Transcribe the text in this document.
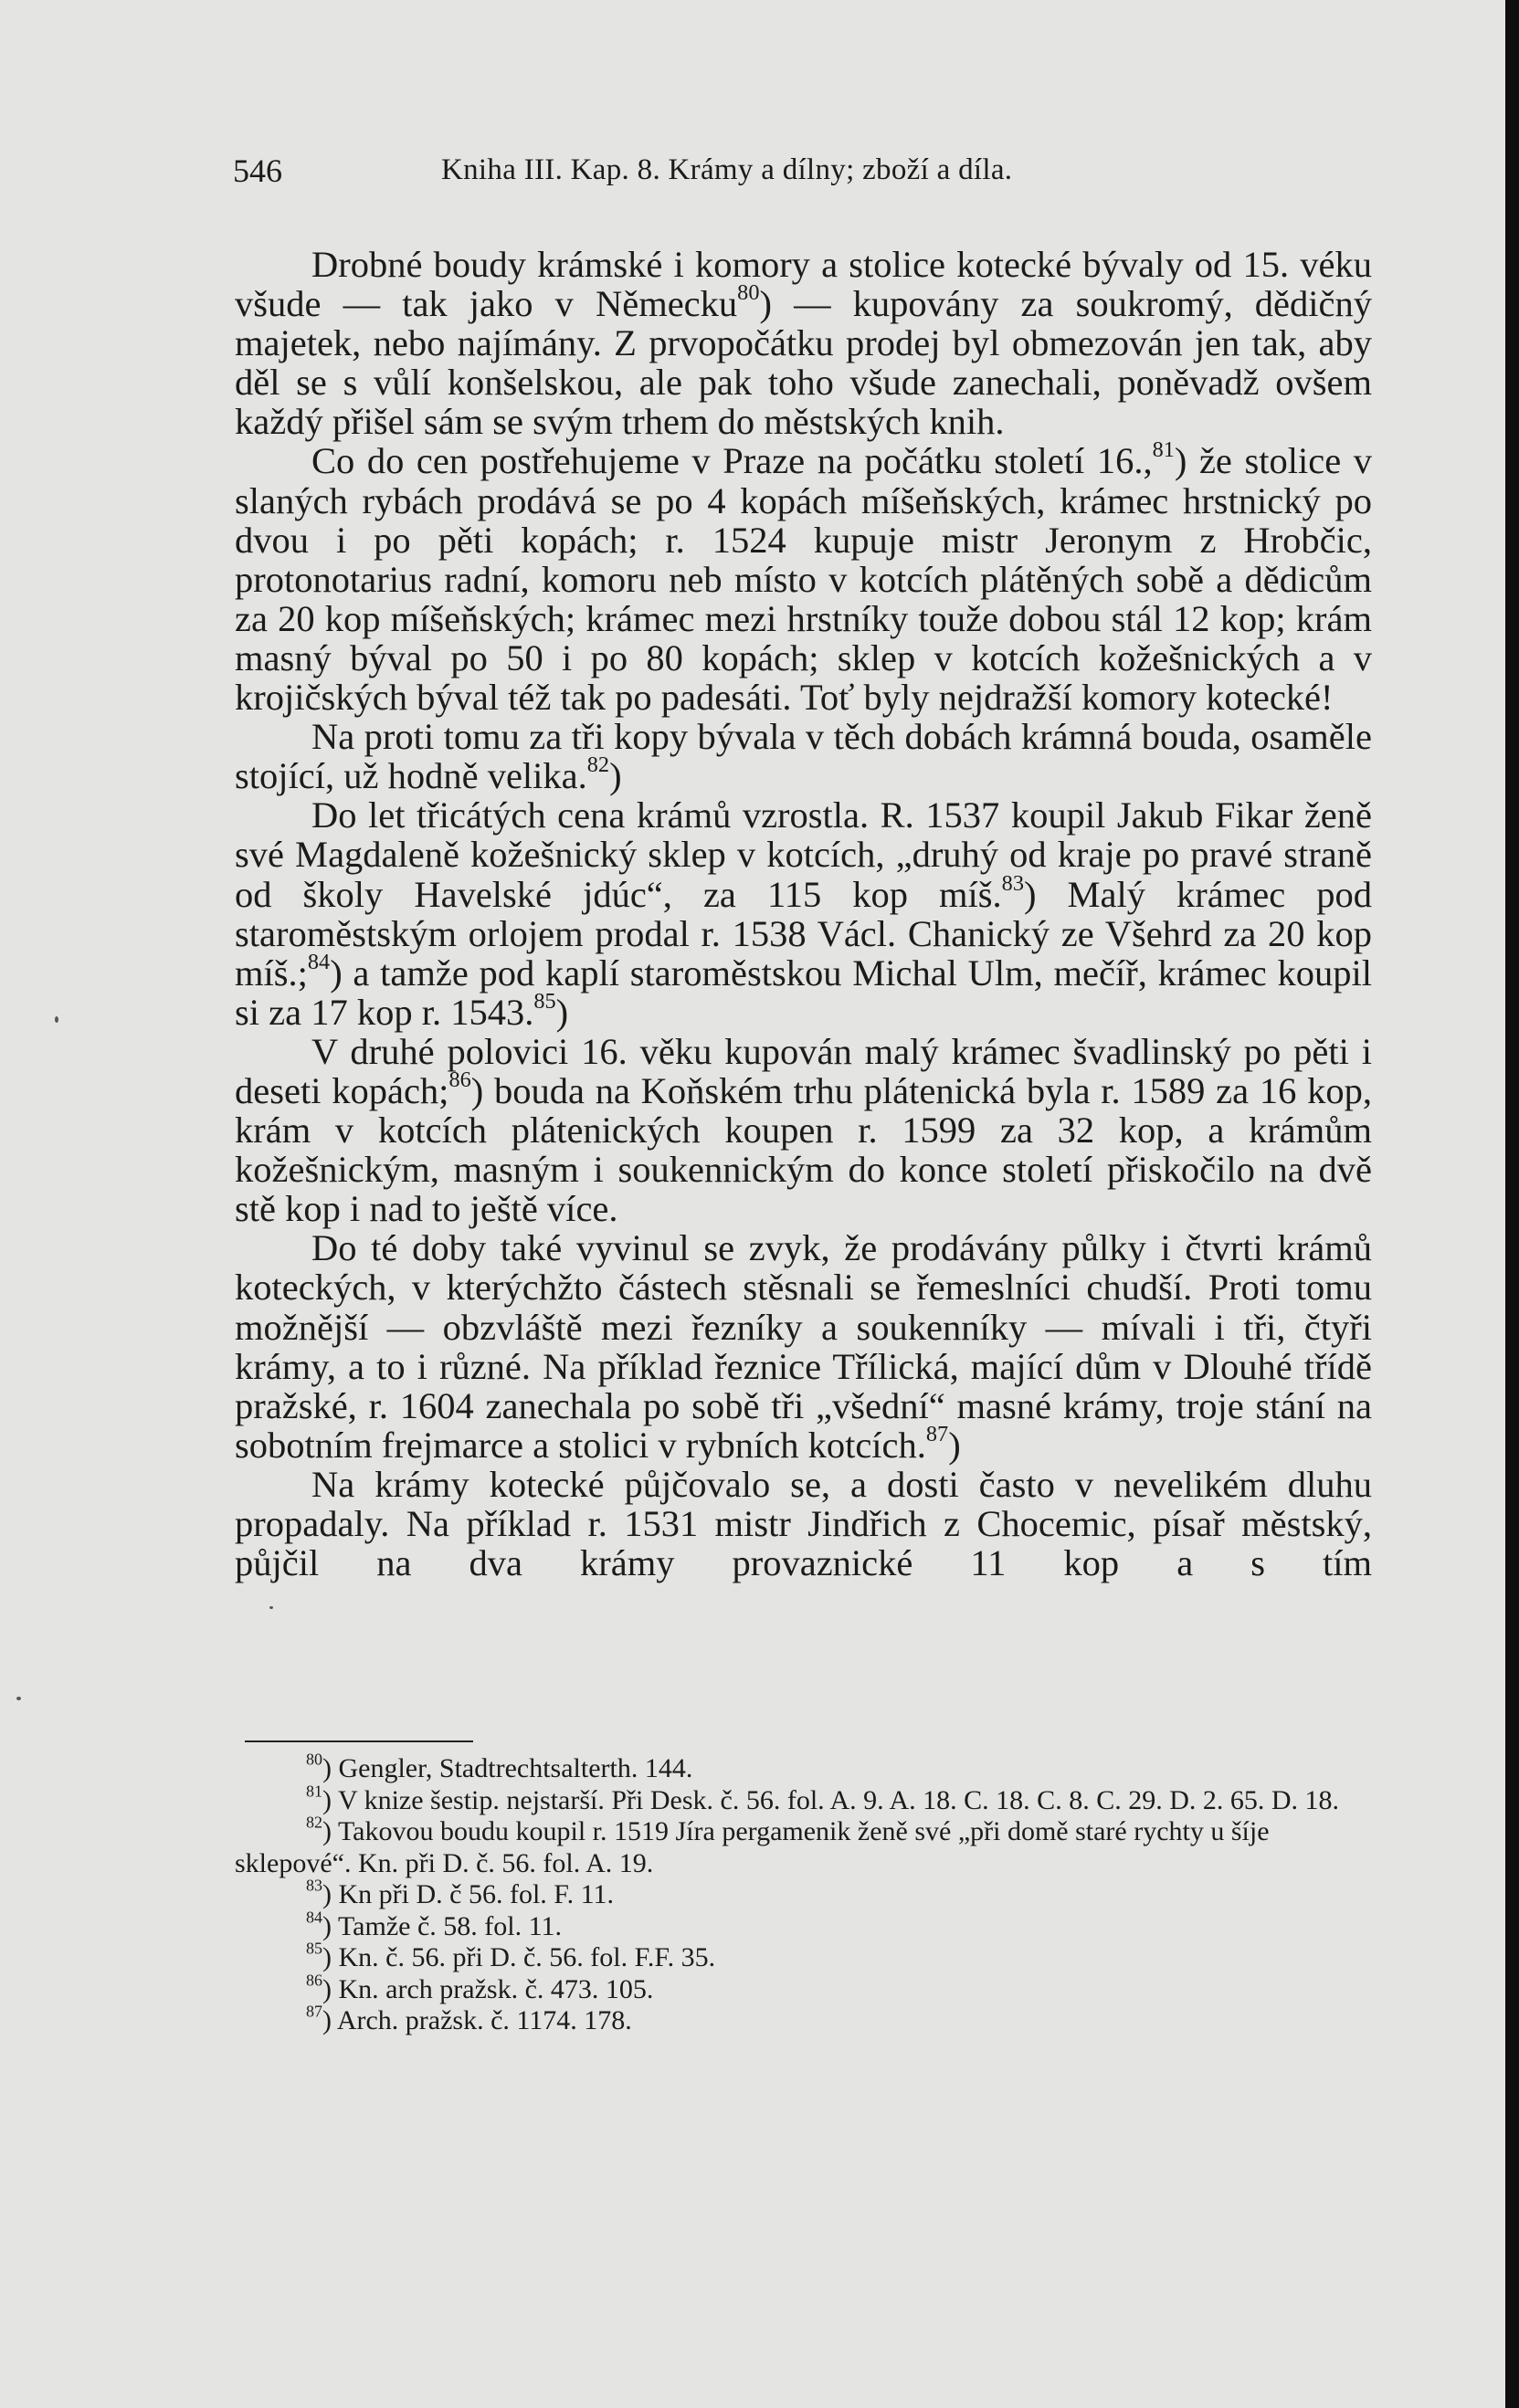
546	Kniha III. Kap. 8. Krámy a dílny; zboží a díla.

Drobné boudy krámské i komory a stolice kotecké bývaly od 15. véku všude — tak jako v Německu$^{80}$) — kupovány za soukromý, dědičný majetek, nebo najímány. Z prvopočátku prodej byl obmezován jen tak, aby děl se s vůlí konšelskou, ale pak toho všude zanechali, poněvadž ovšem každý přišel sám se svým trhem do městských knih.

Co do cen postřehujeme v Praze na počátku století 16.,$^{81}$) že stolice v slaných rybách prodává se po 4 kopách míšeňských, krámec hrstnický po dvou i po pěti kopách; r. 1524 kupuje mistr Jeronym z Hrobčic, protonotarius radní, komoru neb místo v kotcích plátěných sobě a dědicům za 20 kop míšeňských; krámec mezi hrstníky touže dobou stál 12 kop; krám masný býval po 50 i po 80 kopách; sklep v kotcích kožešnických a v krojičských býval též tak po padesáti. Toť byly nejdražší komory kotecké!

Na proti tomu za tři kopy bývala v těch dobách krámná bouda, osaměle stojící, už hodně velika.$^{82}$)

Do let třicátých cena krámů vzrostla. R. 1537 koupil Jakub Fikar ženě své Magdaleně kožešnický sklep v kotcích, „druhý od kraje po pravé straně od školy Havelské jdúc“, za 115 kop míš.$^{83}$) Malý krámec pod staroměstským orlojem prodal r. 1538 Václ. Chanický ze Všehrd za 20 kop míš.;$^{84}$) a tamže pod kaplí staroměstskou Michal Ulm, mečíř, krámec koupil si za 17 kop r. 1543.85)

V druhé polovici 16. věku kupován malý krámec švadlinský po pěti i deseti kopách;$^{86}$) bouda na Koňském trhu plátenická byla r. 1589 za 16 kop, krám v kotcích plátenických koupen r. 1599 za 32 kop, a krámům kožešnickým, masným i soukennickým do konce století přiskočilo na dvě stě kop i nad to ještě více.

Do té doby také vyvinul se zvyk, že prodávány půlky i čtvrti krámů koteckých, v kterýchžto částech stěsnali se řemeslníci chudší. Proti tomu možnější — obzvláště mezi řezníky a soukenníky — mívali i tři, čtyři krámy, a to i různé. Na příklad řeznice Třílická, mající dům v Dlouhé třídě pražské, r. 1604 zanechala po sobě tři „všední“ masné krámy, troje stání na sobotním frejmarce a stolici v rybních kotcích.$^{87}$)

Na krámy kotecké půjčovalo se, a dosti často v nevelikém dluhu propadaly. Na příklad r. 1531 mistr Jindřich z Chocemic, písař městský, půjčil na dva krámy provaznické 11 kop a s tím

$^{80}$) Gengler, Stadtrechtsalterth. 144.

$^{81}$) V knize šestip. nejstarší. Při Desk. č. 56. fol. A. 9. A. 18. C. 18. C. 8. C. 29. D. 2. 65. D. 18.

$^{82}$) Takovou boudu koupil r. 1519 Jíra pergamenik ženě své „při domě staré rychty u šíje sklepové“. Kn. při D. č. 56. fol. A. 19.

$^{83}$) Kn při D. č 56. fol. F. 11.

$^{84}$) Tamže č. 58. fol. 11.

$^{85}$) Kn. č. 56. při D. č. 56. fol. F.F. 35.

$^{86}$) Kn. arch pražsk. č. 473. 105.

$^{87}$) Arch. pražsk. č. 1174. 178.
